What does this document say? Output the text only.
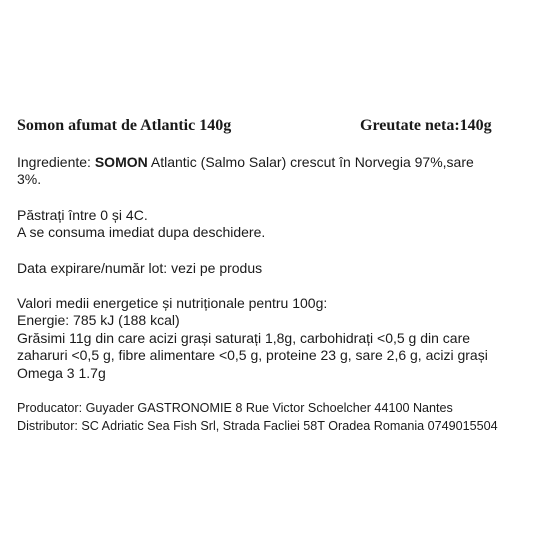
Somon afumat de Atlantic 140g	Greutate neta:140g
Ingrediente: SOMON Atlantic (Salmo Salar) crescut în Norvegia 97%,sare
3%.
Păstrați între 0 și 4C.
A se consuma imediat dupa deschidere.
Data expirare/număr lot: vezi pe produs
Valori medii energetice și nutriționale pentru 100g:
Energie: 785 kJ (188 kcal)
Grăsimi 11g din care acizi grași saturați 1,8g, carbohidrați <0,5 g din care
zaharuri <0,5 g, fibre alimentare <0,5 g, proteine 23 g, sare 2,6 g, acizi grași
Omega 3 1.7g
Producator: Guyader GASTRONOMIE 8 Rue Victor Schoelcher 44100 Nantes
Distributor: SC Adriatic Sea Fish Srl, Strada Facliei 58T Oradea Romania 0749015504
